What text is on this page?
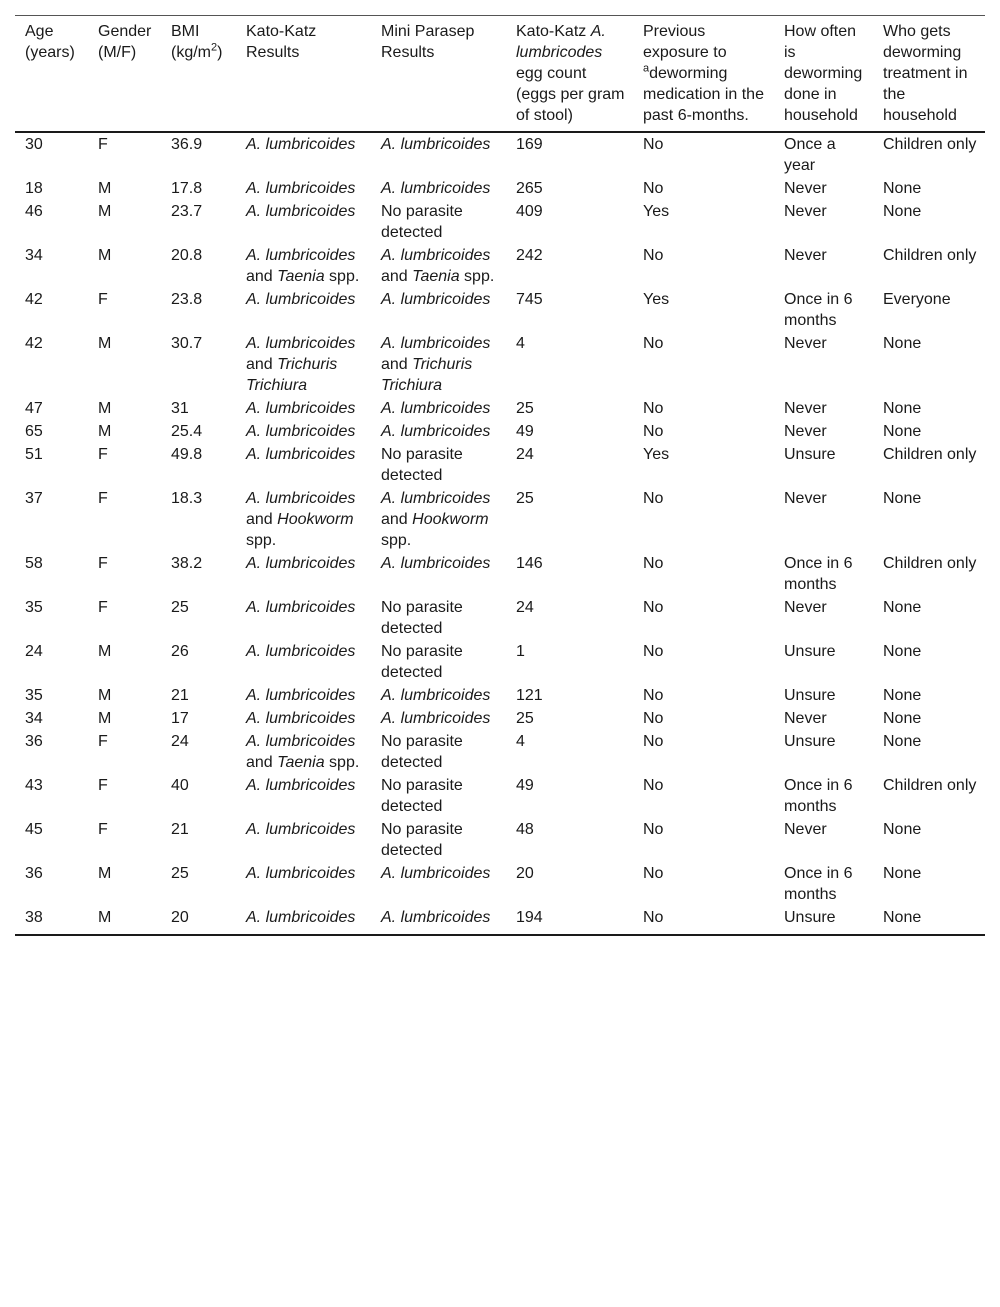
Age (years)	Gender (M/F)	BMI $(kg/m^2)$	Kato-Katz Results	Mini Parasep Results	Kato-Katz A. lumbricodes egg count (eggs per gram of stool)	Previous exposure to $^a$deworming medication in the past 6-months.	How often is deworming done in household	Who gets deworming treatment in the household
30	F	36.9	A. lumbricoides	A. lumbricoides	169	No	Once a year	Children only
18	M	17.8	A. lumbricoides	A. lumbricoides	265	No	Never	None
46	M	23.7	A. lumbricoides	No parasite detected	409	Yes	Never	None
34	M	20.8	A. lumbricoides and Taenia spp.	A. lumbricoides and Taenia spp.	242	No	Never	Children only
42	F	23.8	A. lumbricoides	A. lumbricoides	745	Yes	Once in 6 months	Everyone
42	M	30.7	A. lumbricoides and Trichuris Trichiura	A. lumbricoides and Trichuris Trichiura	4	No	Never	None
47	M	31	A. lumbricoides	A. lumbricoides	25	No	Never	None
65	M	25.4	A. lumbricoides	A. lumbricoides	49	No	Never	None
51	F	49.8	A. lumbricoides	No parasite detected	24	Yes	Unsure	Children only
37	F	18.3	A. lumbricoides and Hookworm spp.	A. lumbricoides and Hookworm spp.	25	No	Never	None
58	F	38.2	A. lumbricoides	A. lumbricoides	146	No	Once in 6 months	Children only
35	F	25	A. lumbricoides	No parasite detected	24	No	Never	None
24	M	26	A. lumbricoides	No parasite detected	1	No	Unsure	None
35	M	21	A. lumbricoides	A. lumbricoides	121	No	Unsure	None
34	M	17	A. lumbricoides	A. lumbricoides	25	No	Never	None
36	F	24	A. lumbricoides and Taenia spp.	No parasite detected	4	No	Unsure	None
43	F	40	A. lumbricoides	No parasite detected	49	No	Once in 6 months	Children only
45	F	21	A. lumbricoides	No parasite detected	48	No	Never	None
36	M	25	A. lumbricoides	A. lumbricoides	20	No	Once in 6 months	None
38	M	20	A. lumbricoides	A. lumbricoides	194	No	Unsure	None
